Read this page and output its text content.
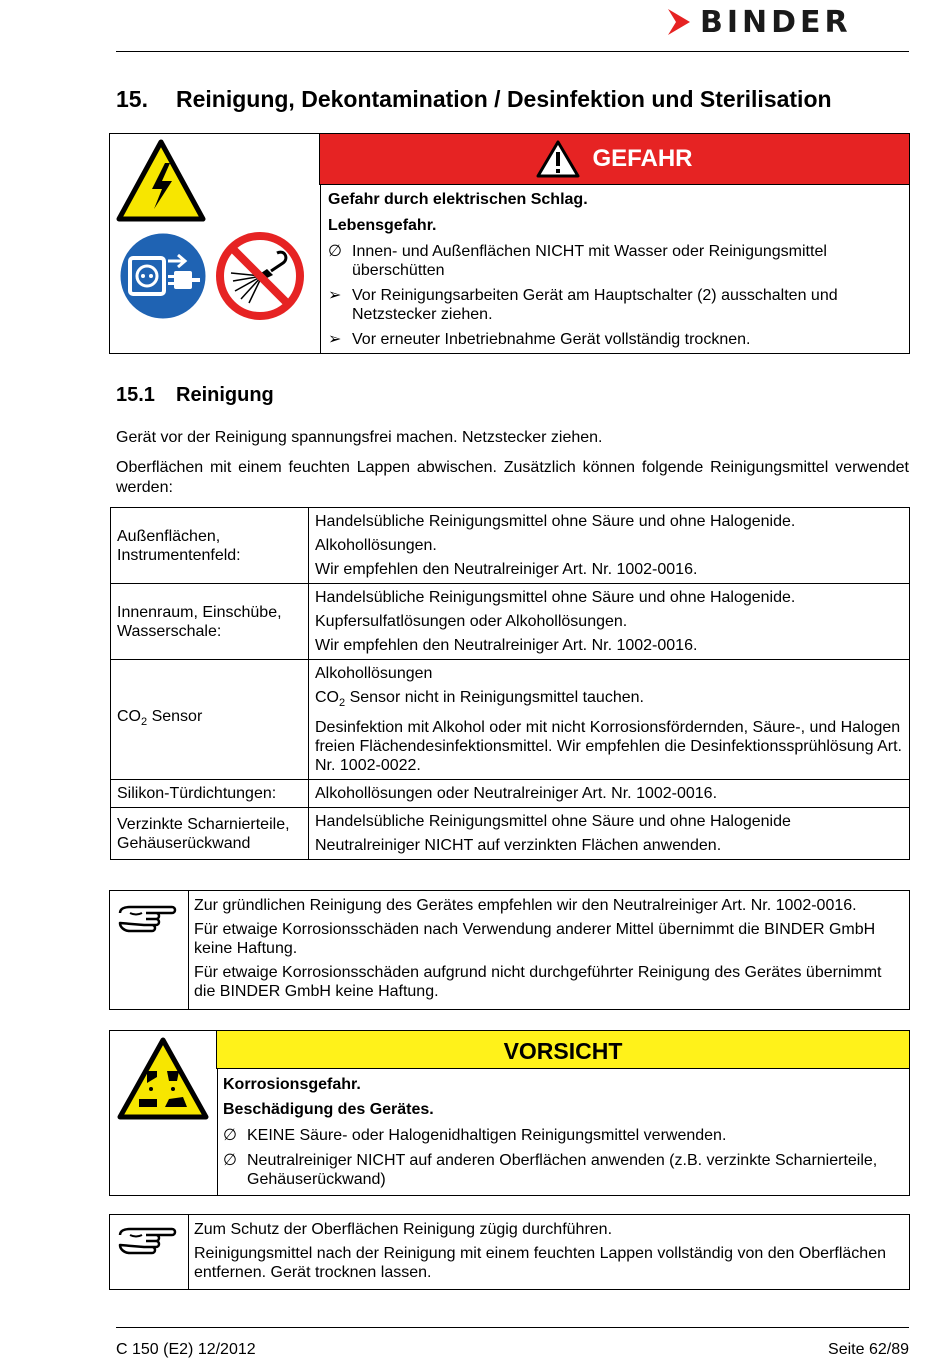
BINDER
15. Reinigung, Dekontamination / Desinfektion und Sterilisation
GEFAHR

Gefahr durch elektrischen Schlag.

Lebensgefahr.

∅ Innen- und Außenflächen NICHT mit Wasser oder Reinigungsmittel überschütten
➢ Vor Reinigungsarbeiten Gerät am Hauptschalter (2) ausschalten und Netzstecker ziehen.
➢ Vor erneuter Inbetriebnahme Gerät vollständig trocknen.
15.1 Reinigung
Gerät vor der Reinigung spannungsfrei machen. Netzstecker ziehen.
Oberflächen mit einem feuchten Lappen abwischen. Zusätzlich können folgende Reinigungsmittel verwendet werden:
Außenflächen, Instrumentenfeld:	Handelsübliche Reinigungsmittel ohne Säure und ohne Halogenide.

Alkohollösungen.

Wir empfehlen den Neutralreiniger Art. Nr. 1002-0016.

Innenraum, Einschübe, Wasserschale:	Handelsübliche Reinigungsmittel ohne Säure und ohne Halogenide.

Kupfersulfatlösungen oder Alkohollösungen.

Wir empfehlen den Neutralreiniger Art. Nr. 1002-0016.

$CO_2$ Sensor	Alkohollösungen

$CO_2$ Sensor nicht in Reinigungsmittel tauchen.

Desinfektion mit Alkohol oder mit nicht Korrosionsfördernden, Säure-, und Halogen freien Flächendesinfektionsmittel. Wir empfehlen die Desinfektionssprühlösung Art. Nr. 1002-0022.

Silikon-Türdichtungen:	Alkohollösungen oder Neutralreiniger Art. Nr. 1002-0016.

Verzinkte Scharnierteile, Gehäuserückwand	Handelsübliche Reinigungsmittel ohne Säure und ohne Halogenide

Neutralreiniger NICHT auf verzinkten Flächen anwenden.

Zur gründlichen Reinigung des Gerätes empfehlen wir den Neutralreiniger Art. Nr. 1002-0016.

Für etwaige Korrosionsschäden nach Verwendung anderer Mittel übernimmt die BINDER GmbH keine Haftung.

Für etwaige Korrosionsschäden aufgrund nicht durchgeführter Reinigung des Gerätes übernimmt die BINDER GmbH keine Haftung.

VORSICHT

Korrosionsgefahr.

Beschädigung des Gerätes.

∅ KEINE Säure- oder Halogenidhaltigen Reinigungsmittel verwenden.
∅ Neutralreiniger NICHT auf anderen Oberflächen anwenden (z.B. verzinkte Scharnierteile, Gehäuserückwand)

Zum Schutz der Oberflächen Reinigung zügig durchführen.

Reinigungsmittel nach der Reinigung mit einem feuchten Lappen vollständig von den Oberflächen entfernen. Gerät trocknen lassen.

C 150 (E2) 12/2012	Seite 62/89
